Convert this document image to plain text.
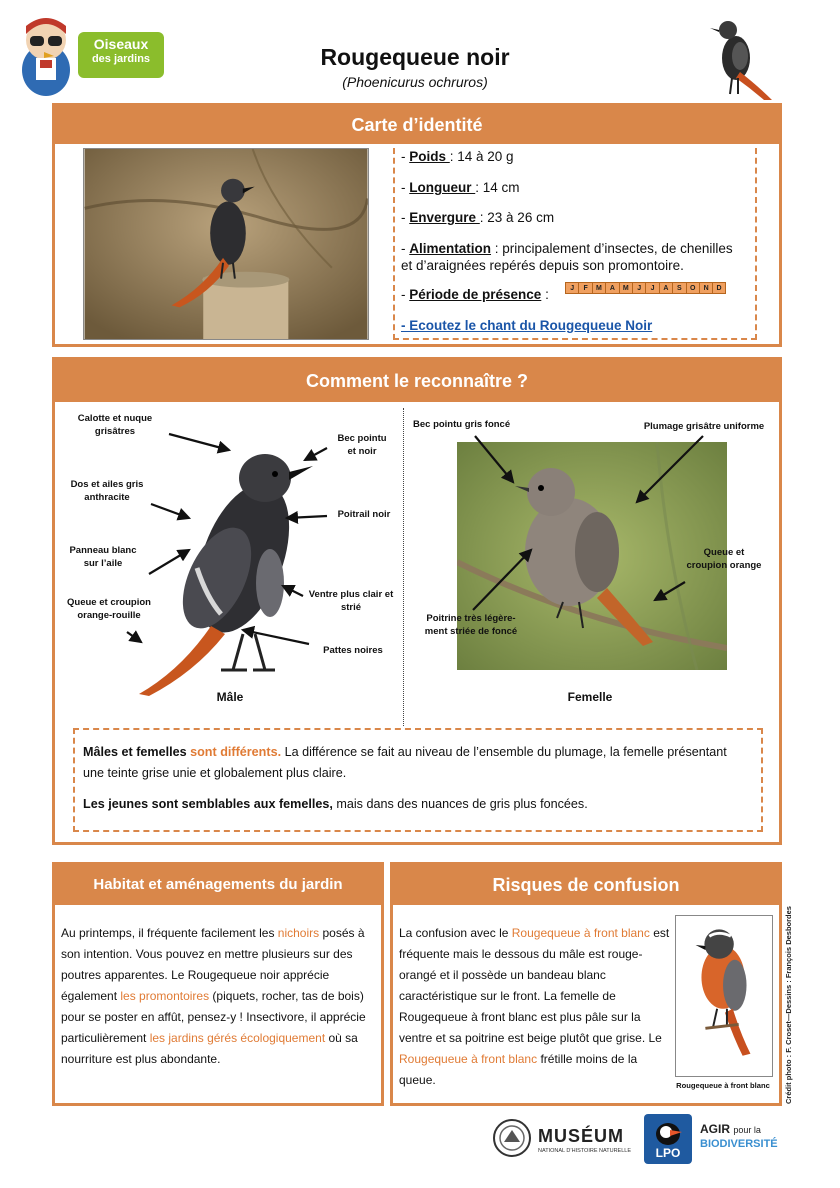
Oiseaux
des jardins	Rougequeue noir
(Phoenicurus ochruros)
Carte d’identité
- Poids : 14 à 20 g
- Longueur : 14 cm
- Envergure : 23 à 26 cm
- Alimentation : principalement d’insectes, de chenilles
et d’araignées repérés depuis son promontoire.
- Période de présence :	J	F	M	A	M	J	J	A	S	O	N	D
- Ecoutez le chant du Rougequeue Noir
Comment le reconnaître ?
Calotte et nuque
grisâtres
Bec pointu
et noir
Dos et ailes gris
anthracite
Poitrail noir
Panneau blanc
sur l’aile
Ventre plus clair et
strié
Queue et croupion
orange-rouille
Pattes noires
Bec pointu gris foncé	Plumage grisâtre uniforme
Queue et
croupion orange
Poitrine très légère-
ment striée de foncé
Mâle	Femelle
Mâles et femelles sont différents. La différence se fait au niveau de l’ensemble du plumage, la femelle présentant une teinte grise unie et globalement plus claire.
Les jeunes sont semblables aux femelles, mais dans des nuances de gris plus foncées.
Habitat et aménagements du jardin
Au printemps, il fréquente facilement les nichoirs posés à son intention. Vous pouvez en mettre plusieurs sur des poutres apparentes. Le Rougequeue noir apprécie également les promontoires (piquets, rocher, tas de bois) pour se poster en affût, pensez-y ! Insectivore, il apprécie particulièrement les jardins gérés écologiquement où sa nourriture est plus abondante.
Risques de confusion
La confusion avec le Rougequeue à front blanc est fréquente mais le dessous du mâle est rouge-orangé et il possède un bandeau blanc caractéristique sur le front. La femelle de Rougequeue à front blanc est plus pâle sur la ventre et sa poitrine est beige plutôt que grise. Le Rougequeue à front blanc frétille moins de la queue.	Rougequeue à front blanc	Crédit photo : F. Croset—Dessins : François Desbordes
MUSÉUM
NATIONAL D’HISTOIRE NATURELLE	LPO
AGIR pour la
BIODIVERSITÉ
